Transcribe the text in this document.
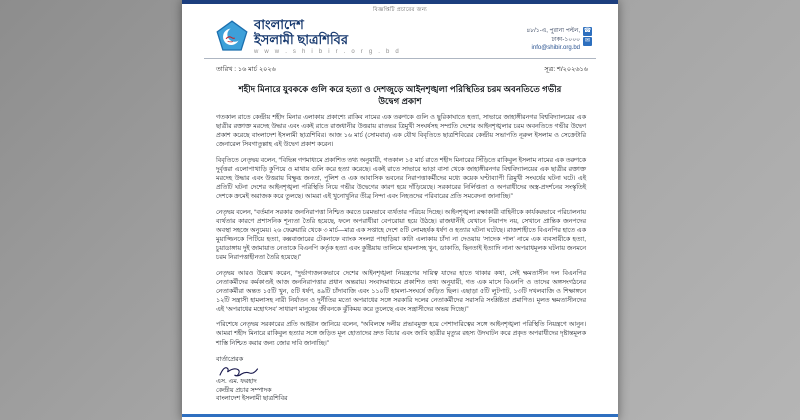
বিজ্ঞপ্তিটি প্রচারের জন্য
বাংলাদেশ
ইসলামী ছাত্রশিবির
w w w . s h i b i r . o r g . b d
৪৮/১-এ, পুরানা পল্টন,
ঢাকা-১০০০
info@shibir.org.bd
☎
✉
তারিখ : ১৬ মার্চ ২০২৬	সূত্র: শ/২০২৬১৬
শহীদ মিনারে যুবককে গুলি করে হত্যা ও দেশজুড়ে আইনশৃঙ্খলা পরিস্থিতির চরম অবনতিতে গভীর উদ্বেগ প্রকাশ

গতকাল রাতে কেন্দ্রীয় শহীদ মিনার এলাকায় প্রকাশ্যে রাকিব নামের এক তরুণকে গুলি ও ছুরিকাঘাতে হত্যা, সাভারে জাহাঙ্গীরনগর বিশ্ববিদ্যালয়ের এক ছাত্রীর রক্তাক্ত মরদেহ উদ্ধার এবং একই রাতে রাজধানীর উত্তরায় রাতভর ত্রিমুখী সংঘর্ষসহ সম্প্রতি দেশের আইনশৃঙ্খলার চরম অবনতিতে গভীর উদ্বেগ প্রকাশ করেছে বাংলাদেশ ইসলামী ছাত্রশিবির। আজ ১৬ মার্চ (সোমবার) এক যৌথ বিবৃতিতে ছাত্রশিবিরের কেন্দ্রীয় সভাপতি নূরুল ইসলাম ও সেক্রেটারি জেনারেল সিবগাতুল্লাহ এই উদ্বেগ প্রকাশ করেন।

বিবৃতিতে নেতৃদ্বয় বলেন, “বিভিন্ন গণমাধ্যমে প্রকাশিত তথ্য অনুযায়ী, গতকাল ১৫ মার্চ রাতে শহীদ মিনারের সিঁড়িতে রাকিবুল ইসলাম নামের এক তরুণকে দুর্বৃত্তরা এলোপাথাড়ি কুপিয়ে ও মাথায় গুলি করে হত্যা করেছে। একই রাতে সাভারে ভাড়া বাসা থেকে জাহাঙ্গীরনগর বিশ্ববিদ্যালয়ের এক ছাত্রীর রক্তাক্ত মরদেহ উদ্ধার এবং উত্তরায় বিক্ষুব্ধ জনতা, পুলিশ ও এক আবাসিক ভবনের নিরাপত্তাকর্মীদের মধ্যে কয়েক ঘণ্টাব্যাপী ত্রিমুখী সংঘর্ষের ঘটনা ঘটে। এই প্রতিটি ঘটনা দেশের আইনশৃঙ্খলা পরিস্থিতি নিয়ে গভীর উদ্বেগের কারণ হয়ে দাঁড়িয়েছে। সরকারের নির্লিপ্ততা ও অপরাধীদের অস্ত্র-প্রদর্শনের সংস্কৃতিই দেশকে ক্রমেই অরাজক করে তুলছে। আমরা এই খুনোখুনির তীব্র নিন্দা এবং নিহতদের পরিবারের প্রতি সমবেদনা জানাচ্ছি।”

নেতৃদ্বয় বলেন, “বর্তমান সরকার জননিরাপত্তা নিশ্চিত করতে চরমভাবে ব্যর্থতার পরিচয় দিচ্ছে। আইনশৃঙ্খলা রক্ষাকারী বাহিনীকে কার্যকরভাবে পরিচালনায় ব্যর্থতার কারণে প্রশাসনিক শূন্যতা তৈরি হয়েছে, ফলে অপরাধীরা বেপরোয়া হয়ে উঠছে। রাজধানীই যেখানে নিরাপদ নয়, সেখানে প্রান্তিক জনপদের অবস্থা সহজে অনুমেয়। ২৬ ফেব্রুয়ারি থেকে ৩ মার্চ—মাত্র এক সপ্তাহে দেশে ৫টি লোমহর্ষক ধর্ষণ ও হত্যার ঘটনা ঘটেছে। রাজশাহীতে বিএনপির হাতে এক মুয়াজ্জিনকে পিটিয়ে হত্যা, কক্সবাজারের টেকনাফে ব্যাংক সংলগ্ন পাহাড়িয়া কাটা এলাকায় চাঁদা না দেওয়ায় ‘সাদেক পাল’ নামে এক ব্যবসায়ীকে হত্যা, চুয়াডাঙ্গায় দুই জামায়াত নেতাকে বিএনপি কর্তৃক হত্যা এবং কুষ্টিয়ায় তালিমে হামলাসহ খুন, ডাকাতি, ছিনতাই ইত্যাদি নানা অপরাধমূলক ঘটনায় জনমনে চরম নিরাপত্তাহীনতা তৈরি হয়েছে।”

নেতৃদ্বয় আরও উল্লেখ করেন, “দুর্ভাগ্যজনকভাবে দেশের আইনশৃঙ্খলা নিয়ন্ত্রণের দায়িত্ব যাদের হাতে থাকার কথা, সেই ক্ষমতাসীন দল বিএনপির নেতাকর্মীদের কর্মকাণ্ডই আজ জননিরাপত্তার প্রধান অন্তরায়। সংবাদমাধ্যমে প্রকাশিত তথ্য অনুযায়ী, গত এক মাসে বিএনপি ও তাদের অঙ্গসংগঠনের নেতাকর্মীরা অন্তত ১৫টি খুন, ৫টি ধর্ষণ, ৪৯টি চাঁদাবাজি এবং ১১০টি হামলা-সংঘর্ষে জড়িত ছিল। এছাড়া ৫টি লুটপাট, ১৩টি দখলবাজি ও শিক্ষাঙ্গনে ১২টি সন্ত্রাসী হামলাসহ নারী নির্যাতন ও দুর্নীতির মতো অপরাধের সঙ্গে সরকারি দলের নেতাকর্মীদের সরাসরি সংশ্লিষ্টতা প্রমাণিত। মূলত ক্ষমতাসীনদের এই ‘অপরাধের মহোৎসব’ সাধারণ মানুষের জীবনকে ঝুঁকিময় করে তুলেছে এবং সন্ত্রাসীদের অভয় দিচ্ছে।”

পরিশেষে নেতৃদ্বয় সরকারের প্রতি আহ্বান জানিয়ে বলেন, “অবিলম্বে দলীয় প্রভাবমুক্ত হয়ে পেশাদারিত্বের সঙ্গে আইনশৃঙ্খলা পরিস্থিতি নিয়ন্ত্রণে আনুন। আমরা শহীদ মিনারে রাকিবুল হত্যার সঙ্গে জড়িত মূল হোতাদের দ্রুত বিচার এবং জাবি ছাত্রীর মৃত্যুর রহস্য উদঘাটন করে প্রকৃত অপরাধীদের দৃষ্টান্তমূলক শাস্তি নিশ্চিত করার জন্য জোর দাবি জানাচ্ছি।”

বার্তাপ্রেরক
এস. এম. ফরহাদ
কেন্দ্রীয় প্রচার সম্পাদক
বাংলাদেশ ইসলামী ছাত্রশিবির
